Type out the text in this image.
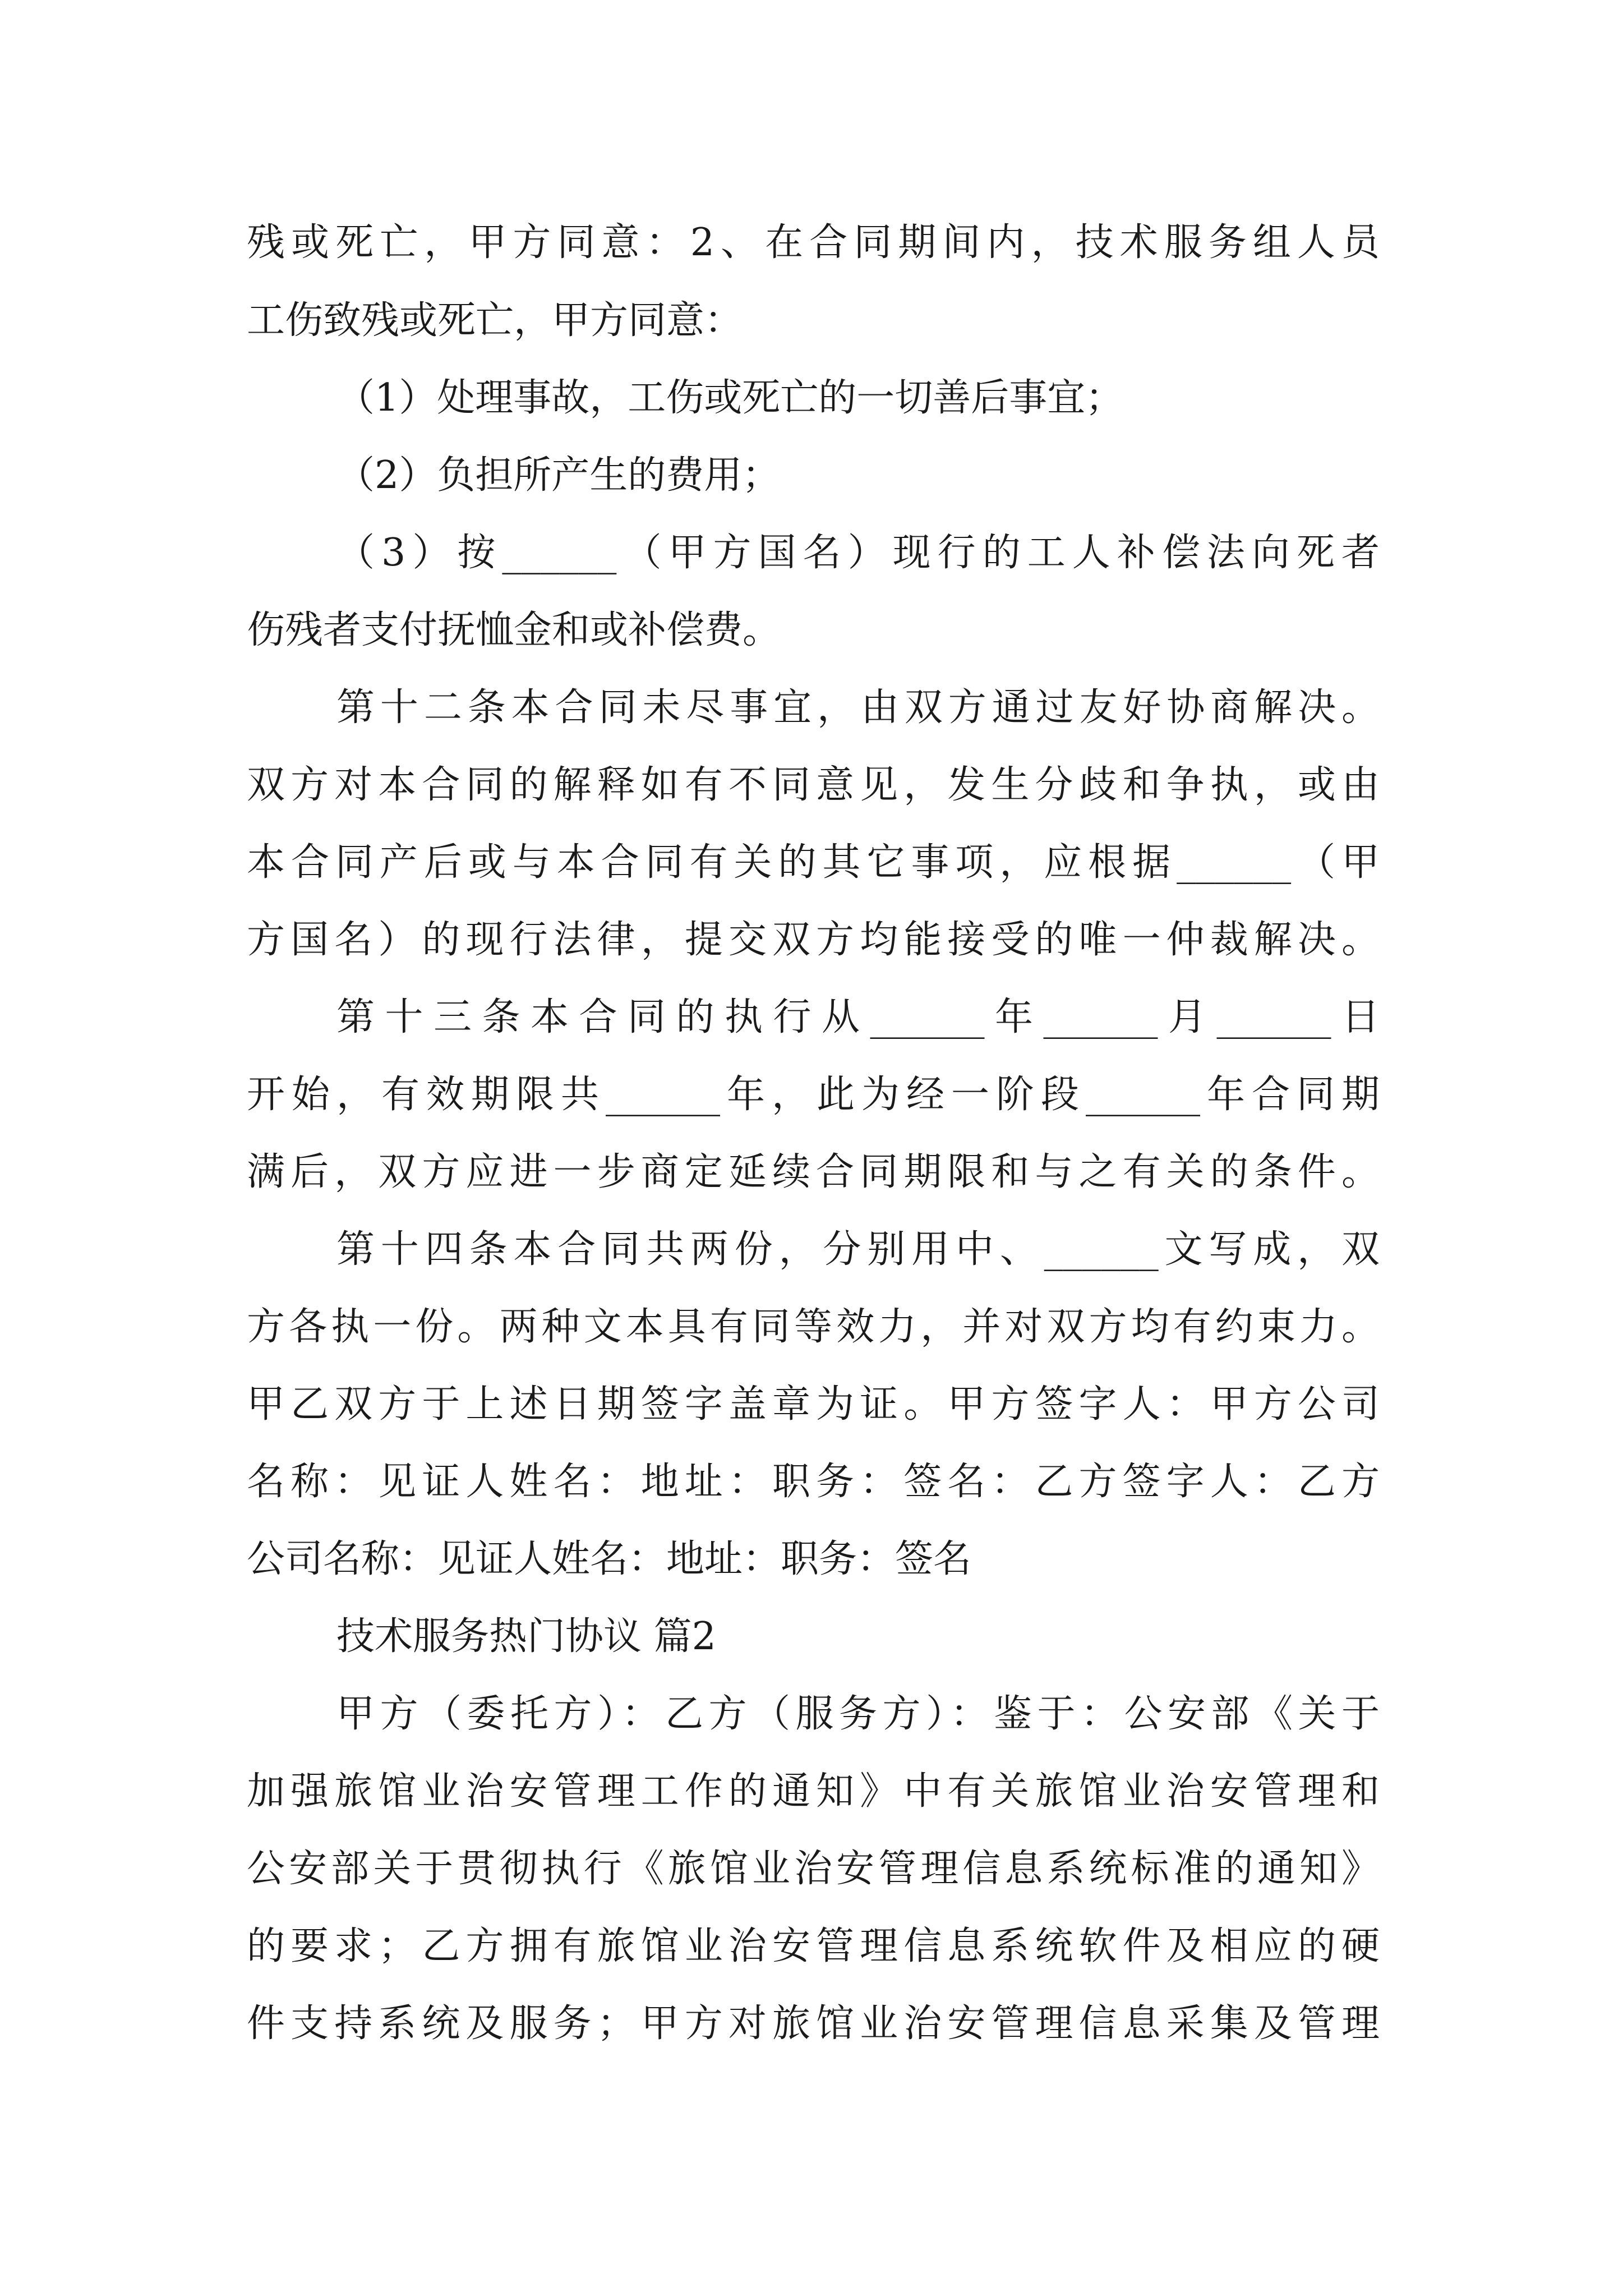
残或死亡，甲方同意：2、在合同期间内，技术服务组人员
工伤致残或死亡，甲方同意：
（1）处理事故，工伤或死亡的一切善后事宜；
（2）负担所产生的费用；
（3）按______（甲方国名）现行的工人补偿法向死者
伤残者支付抚恤金和或补偿费。
第十二条本合同未尽事宜，由双方通过友好协商解决。
双方对本合同的解释如有不同意见，发生分歧和争执，或由
本合同产后或与本合同有关的其它事项，应根据______（甲
方国名）的现行法律，提交双方均能接受的唯一仲裁解决。
第十三条本合同的执行从______年______月______日
开始，有效期限共______年，此为经一阶段______年合同期
满后，双方应进一步商定延续合同期限和与之有关的条件。
第十四条本合同共两份，分别用中、______文写成，双
方各执一份。两种文本具有同等效力，并对双方均有约束力。
甲乙双方于上述日期签字盖章为证。甲方签字人：甲方公司
名称：见证人姓名：地址：职务：签名：乙方签字人：乙方
公司名称：见证人姓名：地址：职务：签名
技术服务热门协议 篇2
甲方（委托方）：乙方（服务方）：鉴于：公安部《关于
加强旅馆业治安管理工作的通知》中有关旅馆业治安管理和
公安部关于贯彻执行《旅馆业治安管理信息系统标准的通知》
的要求；乙方拥有旅馆业治安管理信息系统软件及相应的硬
件支持系统及服务；甲方对旅馆业治安管理信息采集及管理
